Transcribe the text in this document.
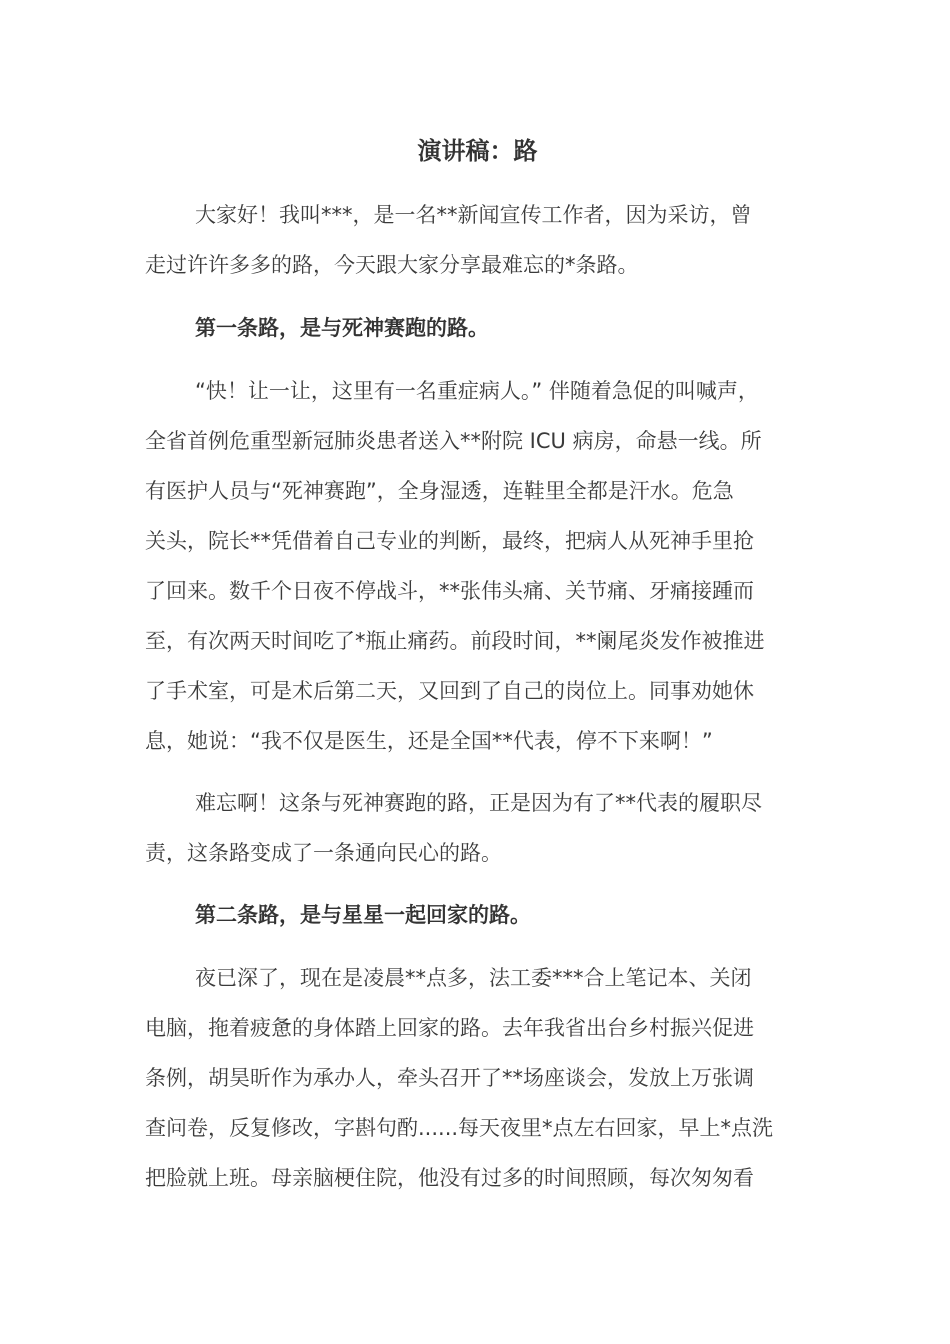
演讲稿：路

大家好！我叫***，是一名**新闻宣传工作者，因为采访，曾
走过许许多多的路，今天跟大家分享最难忘的*条路。

第一条路，是与死神赛跑的路。

“快！让一让，这里有一名重症病人。” 伴随着急促的叫喊声，
全省首例危重型新冠肺炎患者送入**附院 ICU 病房，命悬一线。所
有医护人员与“死神赛跑”，全身湿透，连鞋里全都是汗水。危急
关头，院长**凭借着自己专业的判断，最终，把病人从死神手里抢
了回来。数千个日夜不停战斗，**张伟头痛、关节痛、牙痛接踵而
至，有次两天时间吃了*瓶止痛药。前段时间，**阑尾炎发作被推进
了手术室，可是术后第二天，又回到了自己的岗位上。同事劝她休
息，她说：“我不仅是医生，还是全国**代表，停不下来啊！”

难忘啊！这条与死神赛跑的路，正是因为有了**代表的履职尽
责，这条路变成了一条通向民心的路。

第二条路，是与星星一起回家的路。

夜已深了，现在是凌晨**点多，法工委***合上笔记本、关闭
电脑，拖着疲惫的身体踏上回家的路。去年我省出台乡村振兴促进
条例，胡昊昕作为承办人，牵头召开了**场座谈会，发放上万张调
查问卷，反复修改，字斟句酌......每天夜里*点左右回家，早上*点洗
把脸就上班。母亲脑梗住院，他没有过多的时间照顾，每次匆匆看
